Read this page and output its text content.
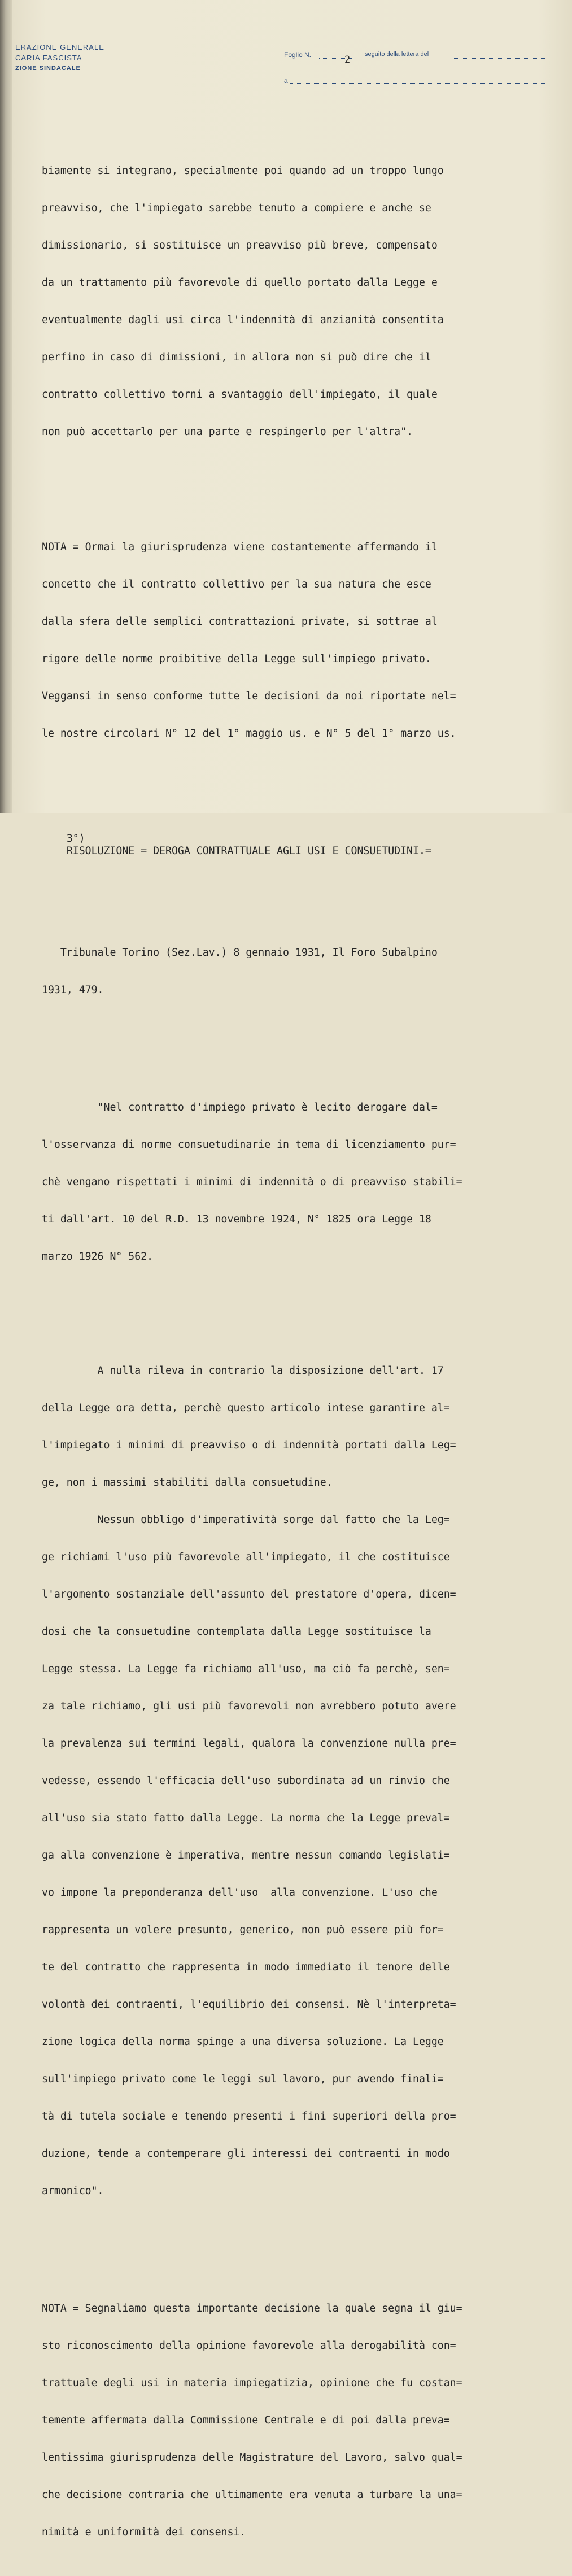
ERAZIONE GENERALE
CARIA FASCISTA
ZIONE SINDACALE
Foglio N.	2 seguito della lettera del
a

biamente si integrano, specialmente poi quando ad un troppo lungo

preavviso, che l'impiegato sarebbe tenuto a compiere e anche se

dimissionario, si sostituisce un preavviso più breve, compensato

da un trattamento più favorevole di quello portato dalla Legge e

eventualmente dagli usi circa l'indennità di anzianità consentita

perfino in caso di dimissioni, in allora non si può dire che il

contratto collettivo torni a svantaggio dell'impiegato, il quale

non può accettarlo per una parte e respingerlo per l'altra".

NOTA = Ormai la giurisprudenza viene costantemente affermando il

concetto che il contratto collettivo per la sua natura che esce

dalla sfera delle semplici contrattazioni private, si sottrae al

rigore delle norme proibitive della Legge sull'impiego privato.

Veggansi in senso conforme tutte le decisioni da noi riportate nel=

le nostre circolari N° 12 del 1° maggio us. e N° 5 del 1° marzo us.

3°)
RISOLUZIONE = DEROGA CONTRATTUALE AGLI USI E CONSUETUDINI.=

Tribunale Torino (Sez.Lav.) 8 gennaio 1931, Il Foro Subalpino

1931, 479.

"Nel contratto d'impiego privato è lecito derogare dal=

l'osservanza di norme consuetudinarie in tema di licenziamento pur=

chè vengano rispettati i minimi di indennità o di preavviso stabili=

ti dall'art. 10 del R.D. 13 novembre 1924, N° 1825 ora Legge 18

marzo 1926 N° 562.

A nulla rileva in contrario la disposizione dell'art. 17

della Legge ora detta, perchè questo articolo intese garantire al=

l'impiegato i minimi di preavviso o di indennità portati dalla Leg=

ge, non i massimi stabiliti dalla consuetudine.

Nessun obbligo d'imperatività sorge dal fatto che la Leg=

ge richiami l'uso più favorevole all'impiegato, il che costituisce

l'argomento sostanziale dell'assunto del prestatore d'opera, dicen=

dosi che la consuetudine contemplata dalla Legge sostituisce la

Legge stessa. La Legge fa richiamo all'uso, ma ciò fa perchè, sen=

za tale richiamo, gli usi più favorevoli non avrebbero potuto avere

la prevalenza sui termini legali, qualora la convenzione nulla pre=

vedesse, essendo l'efficacia dell'uso subordinata ad un rinvio che

all'uso sia stato fatto dalla Legge. La norma che la Legge preval=

ga alla convenzione è imperativa, mentre nessun comando legislati=

vo impone la preponderanza dell'uso  alla convenzione. L'uso che

rappresenta un volere presunto, generico, non può essere più for=

te del contratto che rappresenta in modo immediato il tenore delle

volontà dei contraenti, l'equilibrio dei consensi. Nè l'interpreta=

zione logica della norma spinge a una diversa soluzione. La Legge

sull'impiego privato come le leggi sul lavoro, pur avendo finali=

tà di tutela sociale e tenendo presenti i fini superiori della pro=

duzione, tende a contemperare gli interessi dei contraenti in modo

armonico".

NOTA = Segnaliamo questa importante decisione la quale segna il giu=

sto riconoscimento della opinione favorevole alla derogabilità con=

trattuale degli usi in materia impiegatizia, opinione che fu costan=

temente affermata dalla Commissione Centrale e di poi dalla preva=

lentissima giurisprudenza delle Magistrature del Lavoro, salvo qual=

che decisione contraria che ultimamente era venuta a turbare la una=

nimità e uniformità dei consensi.
